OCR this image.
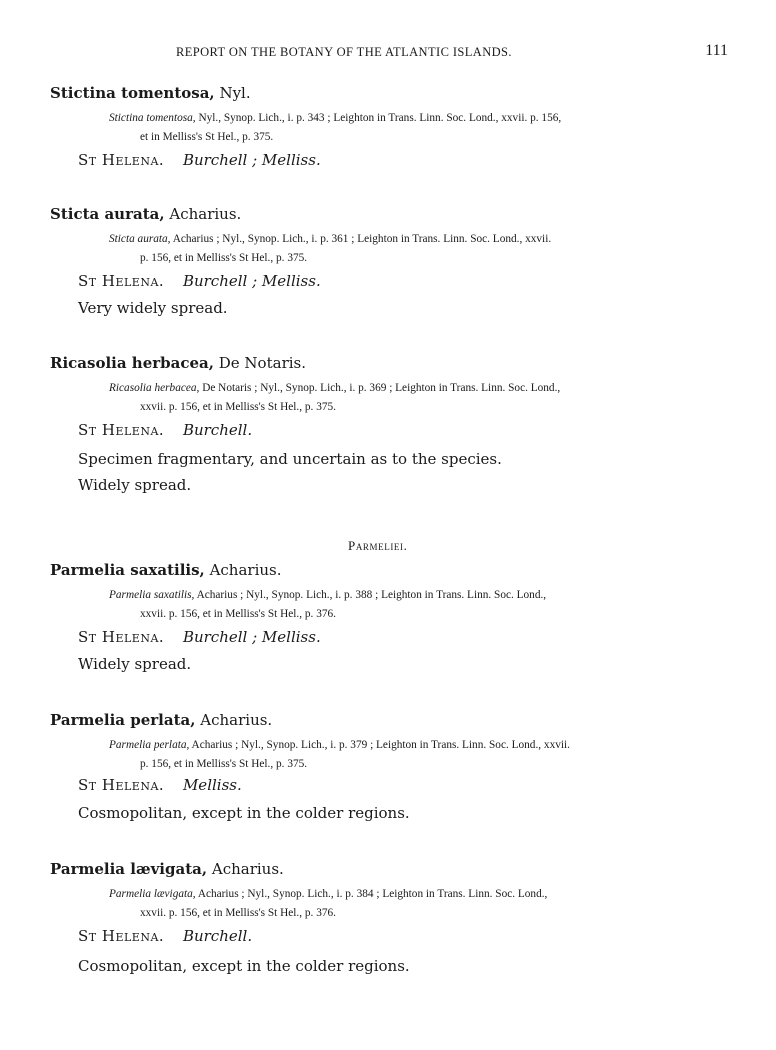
REPORT ON THE BOTANY OF THE ATLANTIC ISLANDS.	111
Stictina tomentosa, Nyl.
Stictina tomentosa, Nyl., Synop. Lich., i. p. 343 ; Leighton in Trans. Linn. Soc. Lond., xxvii. p. 156,
et in Melliss's St Hel., p. 375.
St Helena. Burchell ; Melliss.
Sticta aurata, Acharius.
Sticta aurata, Acharius ; Nyl., Synop. Lich., i. p. 361 ; Leighton in Trans. Linn. Soc. Lond., xxvii.
p. 156, et in Melliss's St Hel., p. 375.
St Helena. Burchell ; Melliss.
Very widely spread.
Ricasolia herbacea, De Notaris.
Ricasolia herbacea, De Notaris ; Nyl., Synop. Lich., i. p. 369 ; Leighton in Trans. Linn. Soc. Lond.,
xxvii. p. 156, et in Melliss's St Hel., p. 375.
St Helena. Burchell.
Specimen fragmentary, and uncertain as to the species.
Widely spread.
Parmeliei.
Parmelia saxatilis, Acharius.
Parmelia saxatilis, Acharius ; Nyl., Synop. Lich., i. p. 388 ; Leighton in Trans. Linn. Soc. Lond.,
xxvii. p. 156, et in Melliss's St Hel., p. 376.
St Helena. Burchell ; Melliss.
Widely spread.
Parmelia perlata, Acharius.
Parmelia perlata, Acharius ; Nyl., Synop. Lich., i. p. 379 ; Leighton in Trans. Linn. Soc. Lond., xxvii.
p. 156, et in Melliss's St Hel., p. 375.
St Helena. Melliss.
Cosmopolitan, except in the colder regions.
Parmelia lævigata, Acharius.
Parmelia lævigata, Acharius ; Nyl., Synop. Lich., i. p. 384 ; Leighton in Trans. Linn. Soc. Lond.,
xxvii. p. 156, et in Melliss's St Hel., p. 376.
St Helena. Burchell.
Cosmopolitan, except in the colder regions.
